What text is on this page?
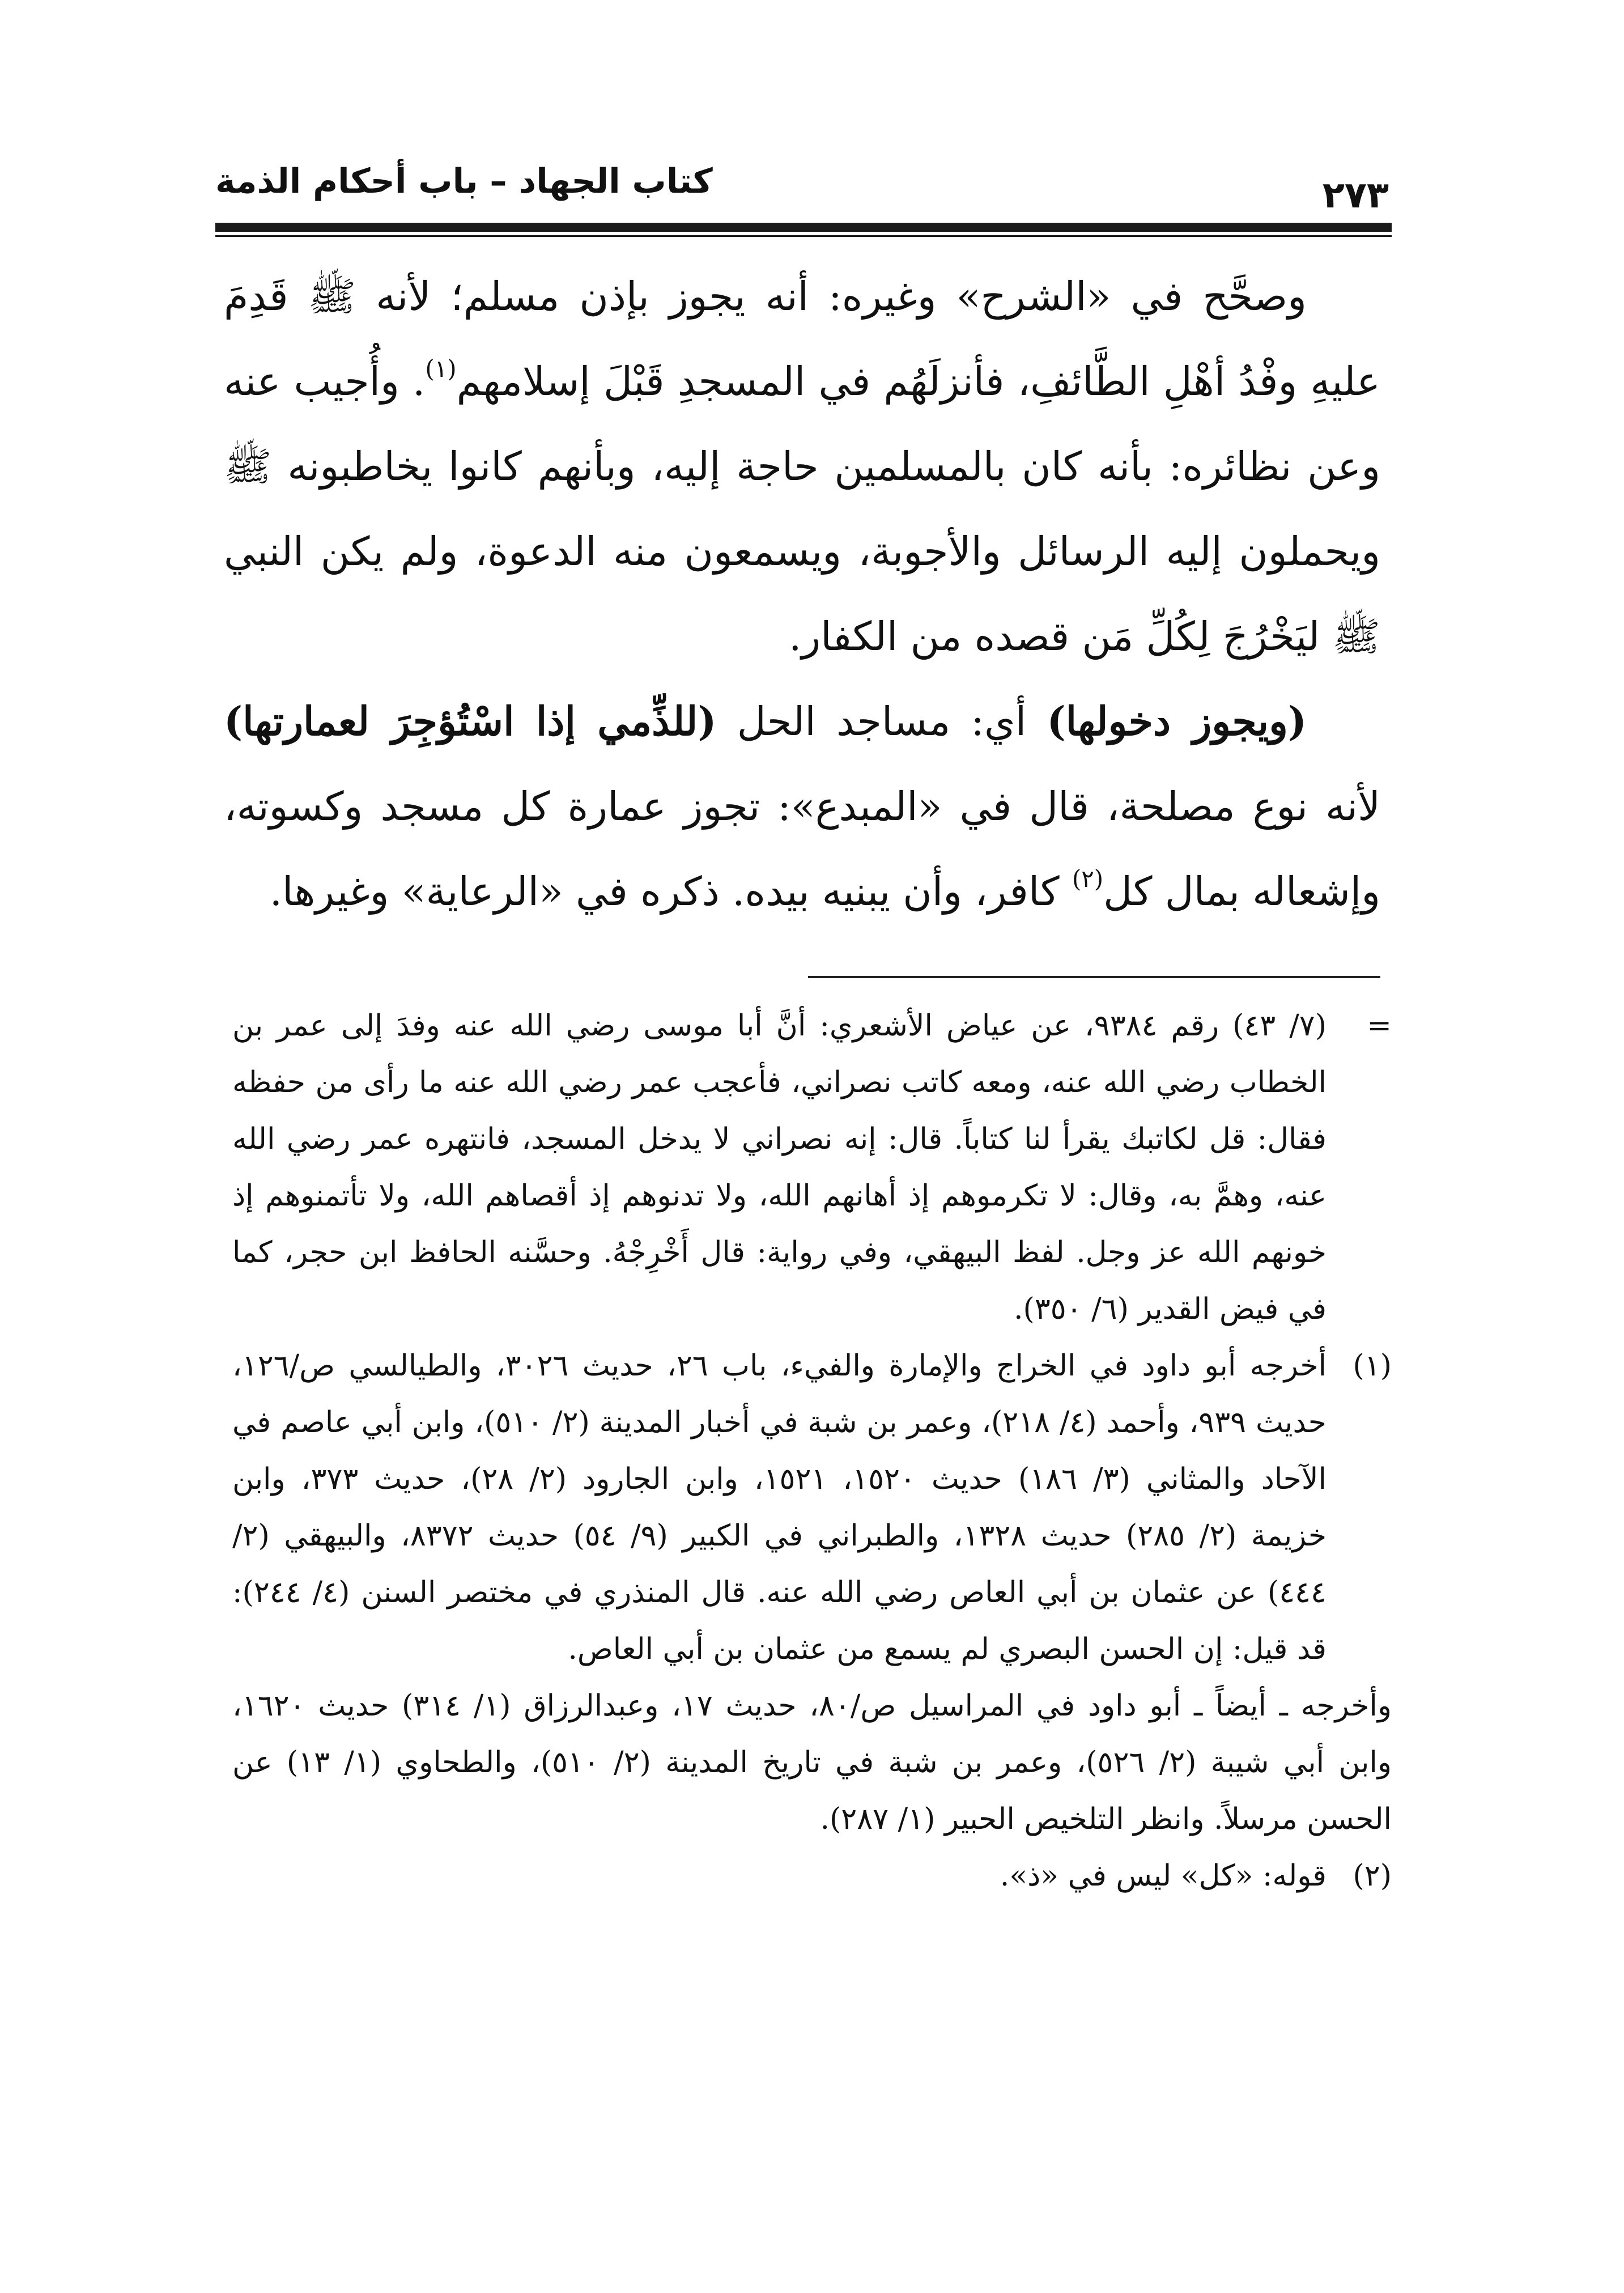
كتاب الجهاد – باب أحكام الذمة	٢٧٣

وصحَّح في «الشرح» وغيره: أنه يجوز بإذن مسلم؛ لأنه ﷺ قَدِمَ عليهِ وفْدُ أهْلِ الطَّائفِ، فأنزلَهُم في المسجدِ قَبْلَ إسلامهم$^{(١)}$. وأُجيب عنه وعن نظائره: بأنه كان بالمسلمين حاجة إليه، وبأنهم كانوا يخاطبونه ﷺ ويحملون إليه الرسائل والأجوبة، ويسمعون منه الدعوة، ولم يكن النبي ﷺ ليَخْرُجَ لِكُلِّ مَن قصده من الكفار.

(ويجوز دخولها) أي: مساجد الحل (للذِّمي إذا اسْتُؤجِرَ لعمارتها) لأنه نوع مصلحة، قال في «المبدع»: تجوز عمارة كل مسجد وكسوته، وإشعاله بمال كل$^{(٢)}$ كافر، وأن يبنيه بيده. ذكره في «الرعاية» وغيرها.

=
(٧/ ٤٣) رقم ٩٣٨٤، عن عياض الأشعري: أنَّ أبا موسى رضي الله عنه وفدَ إلى عمر بن الخطاب رضي الله عنه، ومعه كاتب نصراني، فأعجب عمر رضي الله عنه ما رأى من حفظه فقال: قل لكاتبك يقرأ لنا كتاباً. قال: إنه نصراني لا يدخل المسجد، فانتهره عمر رضي الله عنه، وهمَّ به، وقال: لا تكرموهم إذ أهانهم الله، ولا تدنوهم إذ أقصاهم الله، ولا تأتمنوهم إذ خونهم الله عز وجل. لفظ البيهقي، وفي رواية: قال أَخْرِجْهُ. وحسَّنه الحافظ ابن حجر، كما في فيض القدير (٦/ ٣٥٠).

(١)
أخرجه أبو داود في الخراج والإمارة والفيء، باب ٢٦، حديث ٣٠٢٦، والطيالسي ص/١٢٦، حديث ٩٣٩، وأحمد (٤/ ٢١٨)، وعمر بن شبة في أخبار المدينة (٢/ ٥١٠)، وابن أبي عاصم في الآحاد والمثاني (٣/ ١٨٦) حديث ١٥٢٠، ١٥٢١، وابن الجارود (٢/ ٢٨)، حديث ٣٧٣، وابن خزيمة (٢/ ٢٨٥) حديث ١٣٢٨، والطبراني في الكبير (٩/ ٥٤) حديث ٨٣٧٢، والبيهقي (٢/ ٤٤٤) عن عثمان بن أبي العاص رضي الله عنه. قال المنذري في مختصر السنن (٤/ ٢٤٤): قد قيل: إن الحسن البصري لم يسمع من عثمان بن أبي العاص.

وأخرجه ـ أيضاً ـ أبو داود في المراسيل ص/٨٠، حديث ١٧، وعبدالرزاق (١/ ٣١٤) حديث ١٦٢٠، وابن أبي شيبة (٢/ ٥٢٦)، وعمر بن شبة في تاريخ المدينة (٢/ ٥١٠)، والطحاوي (١/ ١٣) عن الحسن مرسلاً. وانظر التلخيص الحبير (١/ ٢٨٧).

(٢)
قوله: «كل» ليس في «ذ».
